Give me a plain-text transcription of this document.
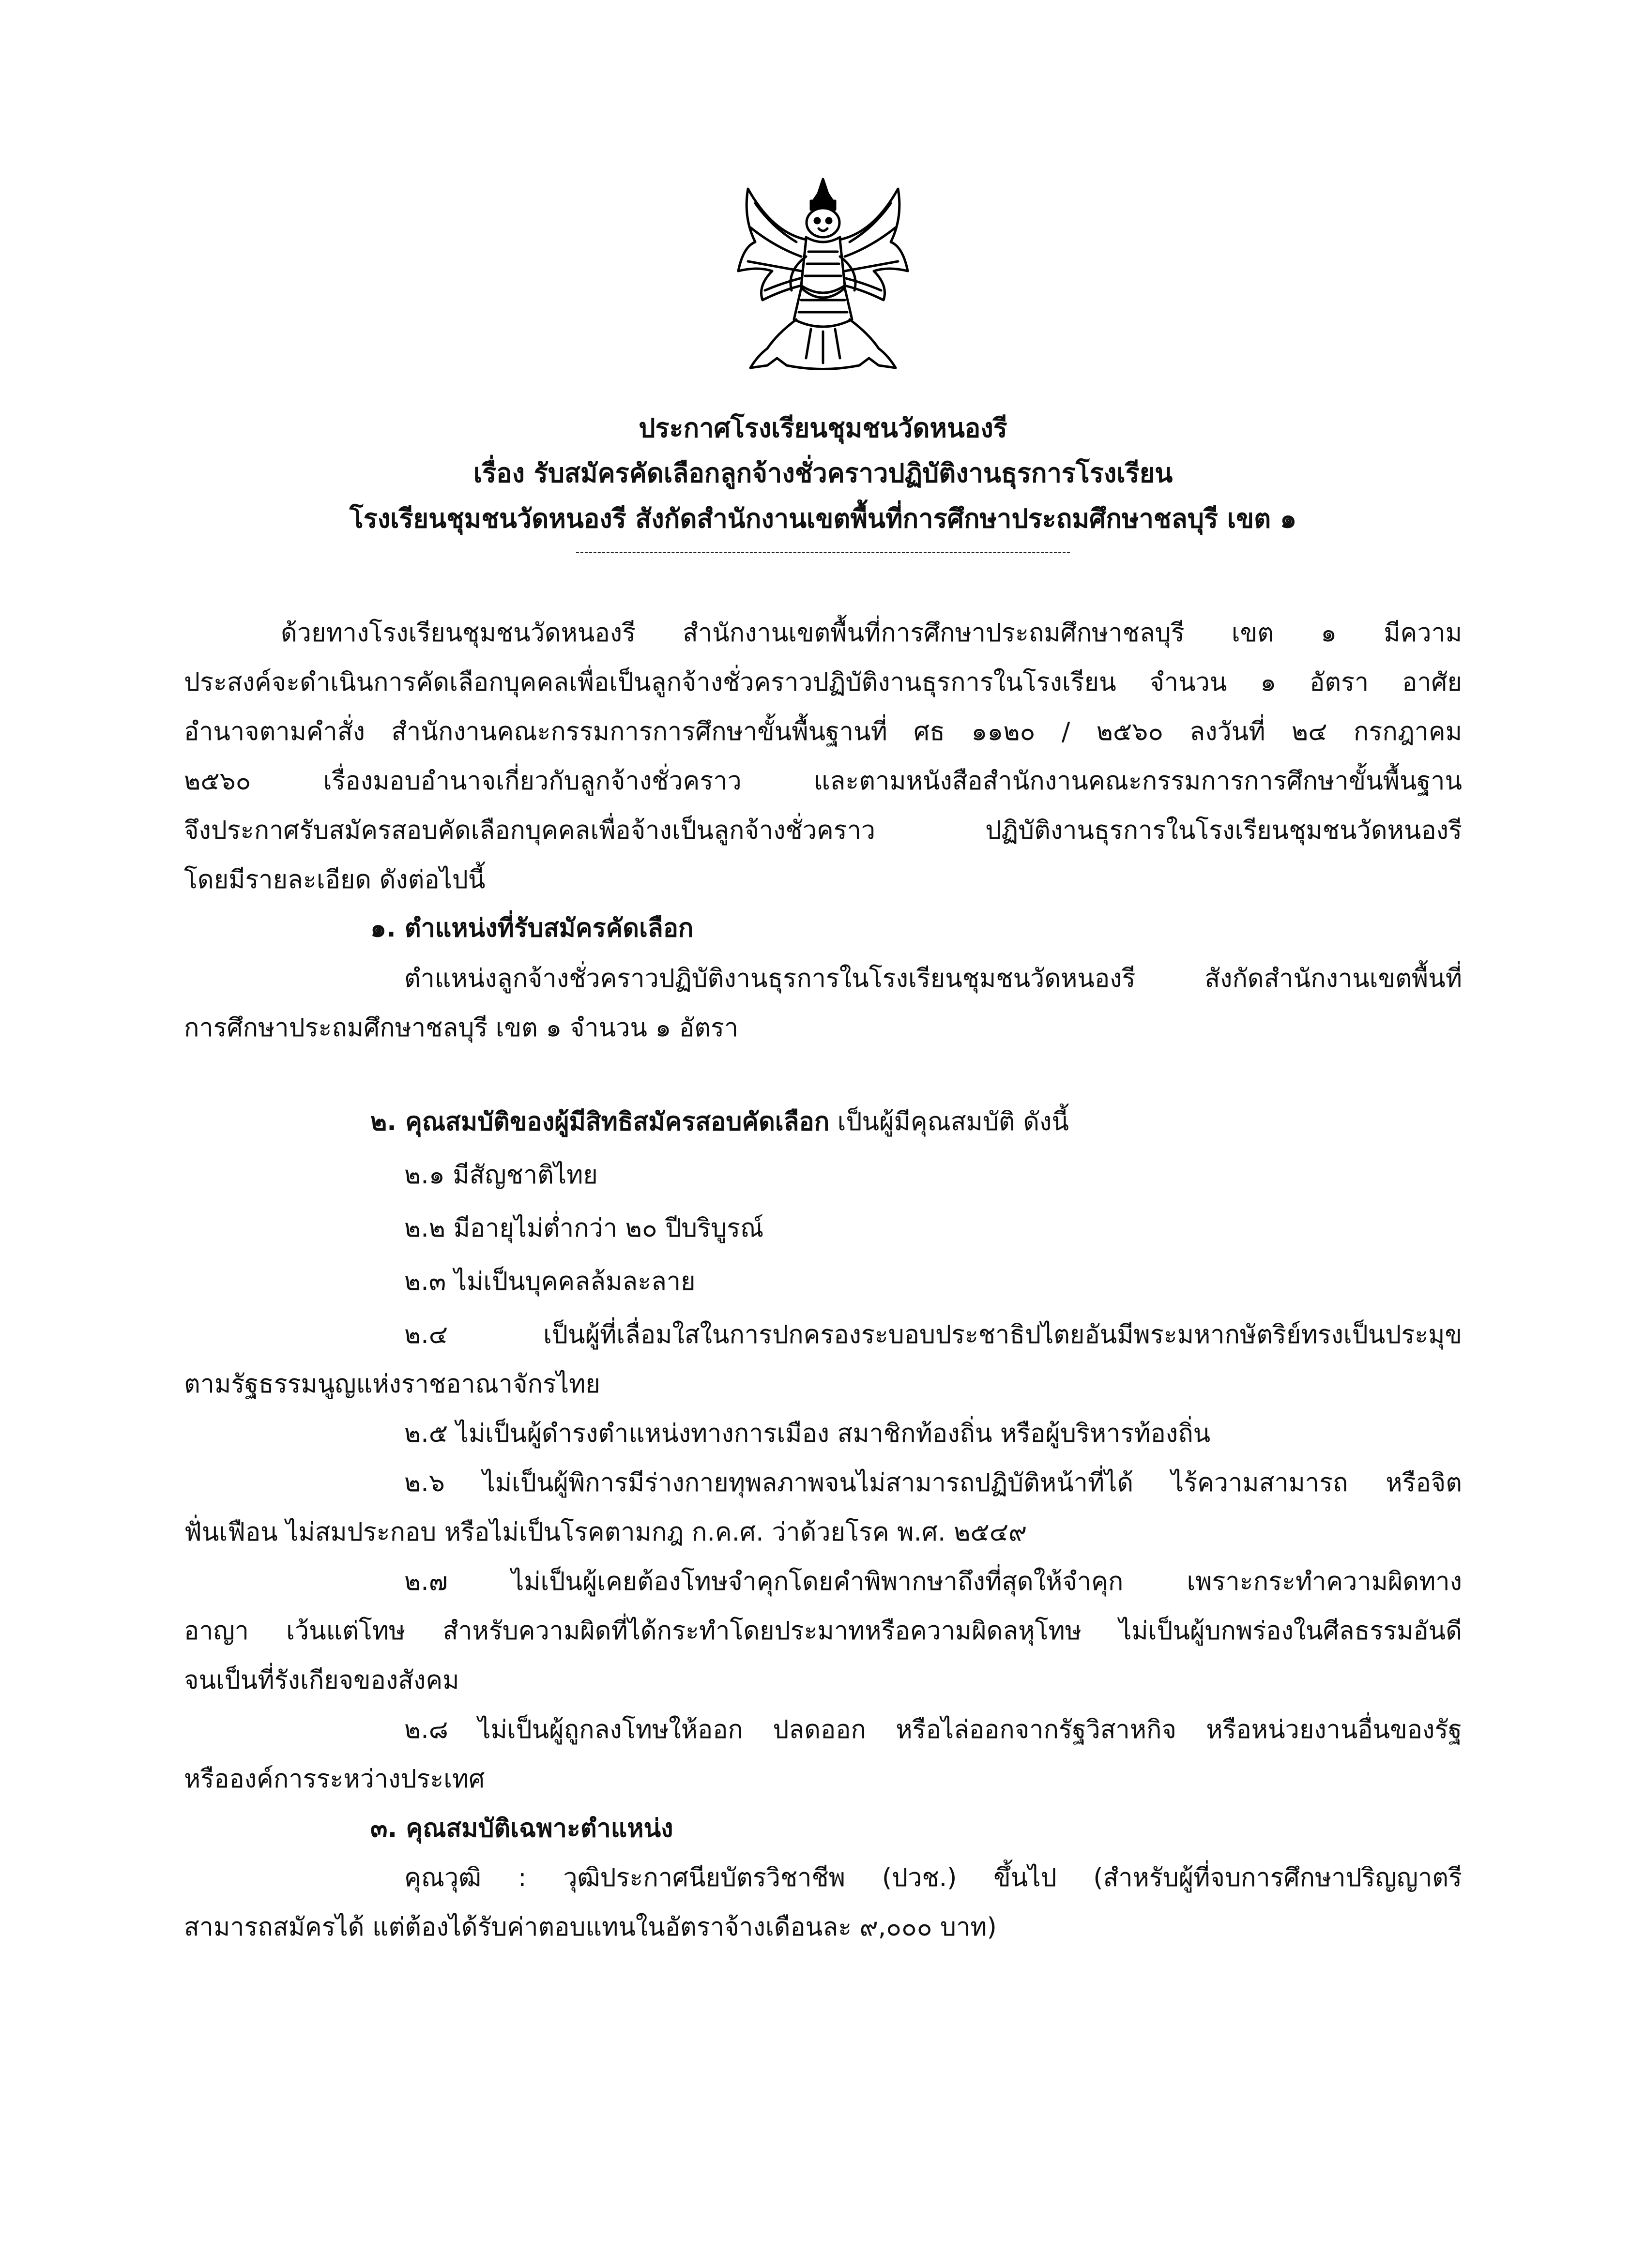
ประกาศโรงเรียนชุมชนวัดหนองรี
เรื่อง รับสมัครคัดเลือกลูกจ้างชั่วคราวปฏิบัติงานธุรการโรงเรียน
โรงเรียนชุมชนวัดหนองรี สังกัดสำนักงานเขตพื้นที่การศึกษาประถมศึกษาชลบุรี เขต ๑
ด้วยทางโรงเรียนชุมชนวัดหนองรี สำนักงานเขตพื้นที่การศึกษาประถมศึกษาชลบุรี เขต ๑ มีความ
ประสงค์จะดำเนินการคัดเลือกบุคคลเพื่อเป็นลูกจ้างชั่วคราวปฏิบัติงานธุรการในโรงเรียน จำนวน ๑ อัตรา อาศัย
อำนาจตามคำสั่ง สำนักงานคณะกรรมการการศึกษาขั้นพื้นฐานที่ ศธ ๑๑๒๐ / ๒๕๖๐ ลงวันที่ ๒๔ กรกฎาคม
๒๕๖๐ เรื่องมอบอำนาจเกี่ยวกับลูกจ้างชั่วคราว และตามหนังสือสำนักงานคณะกรรมการการศึกษาขั้นพื้นฐาน
จึงประกาศรับสมัครสอบคัดเลือกบุคคลเพื่อจ้างเป็นลูกจ้างชั่วคราว ปฏิบัติงานธุรการในโรงเรียนชุมชนวัดหนองรี
โดยมีรายละเอียด ดังต่อไปนี้
๑. ตำแหน่งที่รับสมัครคัดเลือก
ตำแหน่งลูกจ้างชั่วคราวปฏิบัติงานธุรการในโรงเรียนชุมชนวัดหนองรี สังกัดสำนักงานเขตพื้นที่
การศึกษาประถมศึกษาชลบุรี เขต ๑ จำนวน ๑ อัตรา
๒. คุณสมบัติของผู้มีสิทธิสมัครสอบคัดเลือก เป็นผู้มีคุณสมบัติ ดังนี้
๒.๑ มีสัญชาติไทย
๒.๒ มีอายุไม่ต่ำกว่า ๒๐ ปีบริบูรณ์
๒.๓ ไม่เป็นบุคคลล้มละลาย
๒.๔ เป็นผู้ที่เลื่อมใสในการปกครองระบอบประชาธิปไตยอันมีพระมหากษัตริย์ทรงเป็นประมุข
ตามรัฐธรรมนูญแห่งราชอาณาจักรไทย
๒.๕ ไม่เป็นผู้ดำรงตำแหน่งทางการเมือง สมาชิกท้องถิ่น หรือผู้บริหารท้องถิ่น
๒.๖ ไม่เป็นผู้พิการมีร่างกายทุพลภาพจนไม่สามารถปฏิบัติหน้าที่ได้ ไร้ความสามารถ หรือจิต
ฟั่นเฟือน ไม่สมประกอบ หรือไม่เป็นโรคตามกฎ ก.ค.ศ. ว่าด้วยโรค พ.ศ. ๒๕๔๙
๒.๗ ไม่เป็นผู้เคยต้องโทษจำคุกโดยคำพิพากษาถึงที่สุดให้จำคุก เพราะกระทำความผิดทาง
อาญา เว้นแต่โทษ สำหรับความผิดที่ได้กระทำโดยประมาทหรือความผิดลหุโทษ ไม่เป็นผู้บกพร่องในศีลธรรมอันดี
จนเป็นที่รังเกียจของสังคม
๒.๘ ไม่เป็นผู้ถูกลงโทษให้ออก ปลดออก หรือไล่ออกจากรัฐวิสาหกิจ หรือหน่วยงานอื่นของรัฐ
หรือองค์การระหว่างประเทศ
๓. คุณสมบัติเฉพาะตำแหน่ง
คุณวุฒิ : วุฒิประกาศนียบัตรวิชาชีพ (ปวช.) ขึ้นไป (สำหรับผู้ที่จบการศึกษาปริญญาตรี
สามารถสมัครได้ แต่ต้องได้รับค่าตอบแทนในอัตราจ้างเดือนละ ๙,๐๐๐ บาท)
